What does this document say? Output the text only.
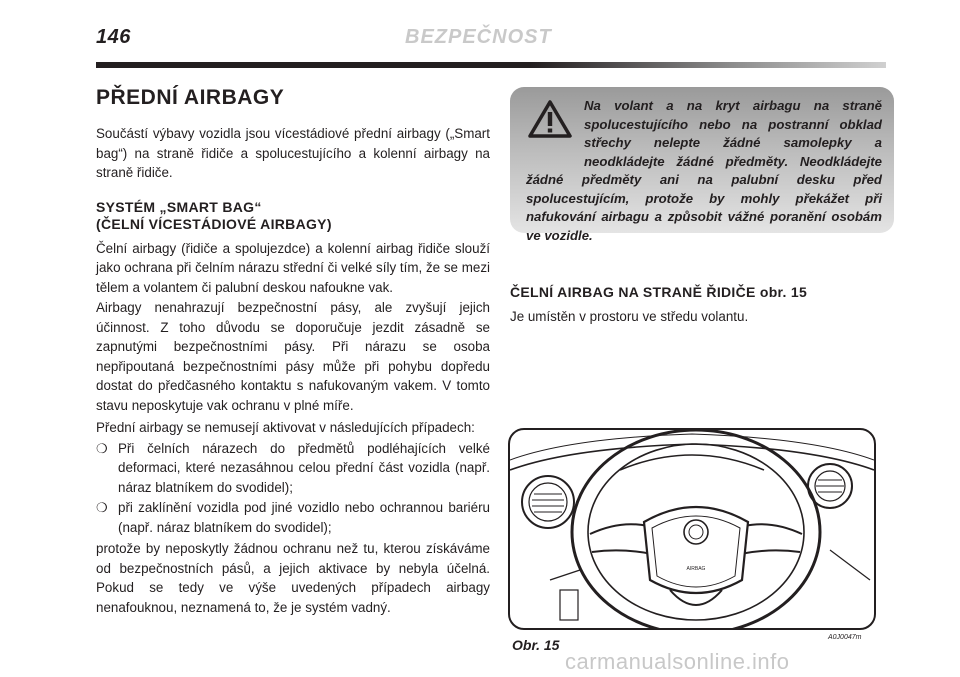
146	BEZPEČNOST
PŘEDNÍ AIRBAGY

Součástí výbavy vozidla jsou vícestádiové přední airbagy („Smart bag“) na straně řidiče a spolucestujícího a kolenní airbagy na straně řidiče.

SYSTÉM „SMART BAG“
(ČELNÍ VÍCESTÁDIOVÉ AIRBAGY)

Čelní airbagy (řidiče a spolujezdce) a kolenní airbag řidiče slouží jako ochrana při čelním nárazu střední či velké síly tím, že se mezi tělem a volantem či palubní deskou nafoukne vak.

Airbagy nenahrazují bezpečnostní pásy, ale zvyšují jejich účinnost. Z toho důvodu se doporučuje jezdit zásadně se zapnutými bezpečnostními pásy. Při nárazu se osoba nepřipoutaná bezpečnostními pásy může při pohybu dopředu dostat do předčasného kontaktu s nafukovaným vakem. V tomto stavu neposkytuje vak ochranu v plné míře.

Přední airbagy se nemusejí aktivovat v následujících případech:

❍ Při čelních nárazech do předmětů podléhajících velké deformaci, které nezasáhnou celou přední část vozidla (např. náraz blatníkem do svodidel);
❍ při zaklínění vozidla pod jiné vozidlo nebo ochrannou bariéru (např. náraz blatníkem do svodidel);

protože by neposkytly žádnou ochranu než tu, kterou získáváme od bezpečnostních pásů, a jejich aktivace by nebyla účelná. Pokud se tedy ve výše uvedených případech airbagy nenafouknou, neznamená to, že je systém vadný.

Na volant a na kryt airbagu na straně spolucestujícího nebo na postranní obklad střechy nelepte žádné samolepky a neodkládejte žádné předměty. Neodkládejte žádné předměty ani na palubní desku před spolucestujícím, protože by mohly překážet při nafukování airbagu a způsobit vážné poranění osobám ve vozidle.

ČELNÍ AIRBAG NA STRANĚ ŘIDIČE obr. 15
Je umístěn v prostoru ve středu volantu.
AIRBAG
Obr. 15	A0J0047m
carmanualsonline.info
